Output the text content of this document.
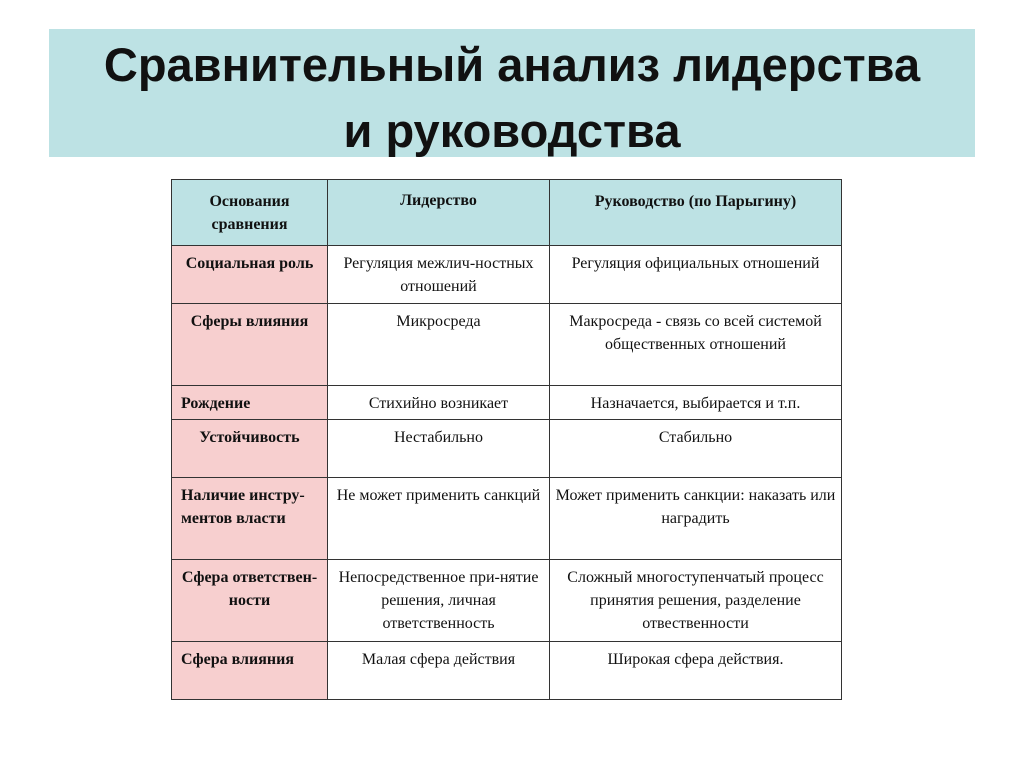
Сравнительный анализ лидерства
и руководства
Основания сравнения	Лидерство	Руководство (по Парыгину)
Социальная роль	Регуляция межлич-ностных отношений	Регуляция официальных отношений
Сферы влияния	Микросреда	Макросреда - связь со всей системой общественных отношений
Рождение	Стихийно возникает	Назначается, выбирается и т.п.
Устойчивость	Нестабильно	Стабильно
Наличие инстру-ментов власти	Не может применить санкций	Может применить санкции: наказать или наградить
Сфера ответствен-ности	Непосредственное при-нятие решения, личная ответственность	Сложный многоступенчатый процесс принятия решения, разделение отвественности
Сфера влияния	Малая сфера действия	Широкая сфера действия.
